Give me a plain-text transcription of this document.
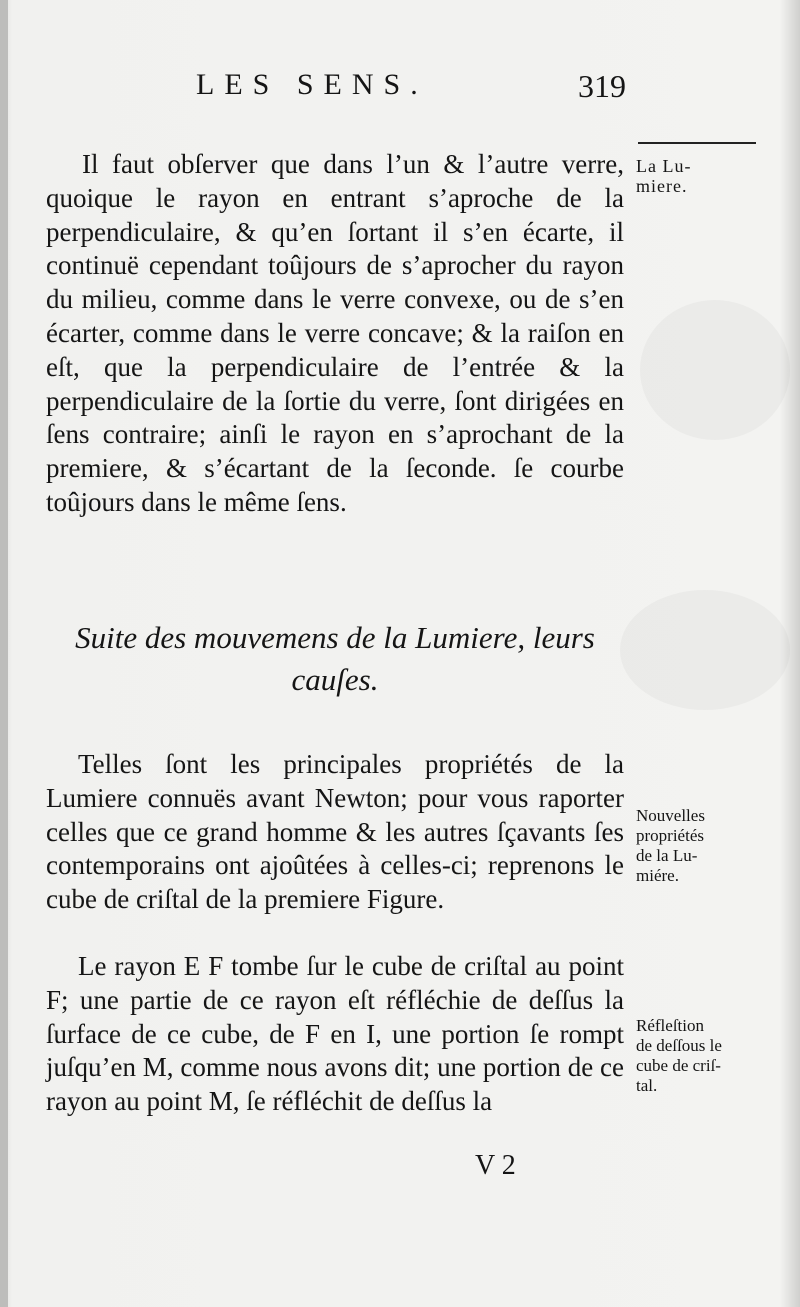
LES SENS.	319

Il faut obſerver que dans l’un & l’autre verre, quoique le rayon en entrant s’aproche de la perpendiculaire, & qu’en ſortant il s’en écarte, il continuë cependant toûjours de s’aprocher du rayon du milieu, comme dans le verre convexe, ou de s’en écarter, comme dans le verre concave; & la raiſon en eſt, que la perpendiculaire de l’entrée & la perpendiculaire de la ſortie du verre, ſont dirigées en ſens contraire; ainſi le rayon en s’aprochant de la premiere, & s’écartant de la ſeconde. ſe courbe toûjours dans le même ſens.

Suite des mouvemens de la Lumiere, leurs cauſes.

Telles ſont les principales propriétés de la Lumiere connuës avant Newton; pour vous raporter celles que ce grand homme & les autres ſçavants ſes contemporains ont ajoûtées à celles-ci; reprenons le cube de criſtal de la premiere Figure.

Le rayon E F tombe ſur le cube de criſtal au point F; une partie de ce rayon eſt réfléchie de deſſus la ſurface de ce cube, de F en I, une portion ſe rompt juſqu’en M, comme nous avons dit; une portion de ce rayon au point M, ſe réfléchit de deſſus la

V 2
La Lu-
miere.
Nouvelles
propriétés
de la Lu-
miére.
Réfleſtion
de deſſous le
cube de criſ-
tal.
